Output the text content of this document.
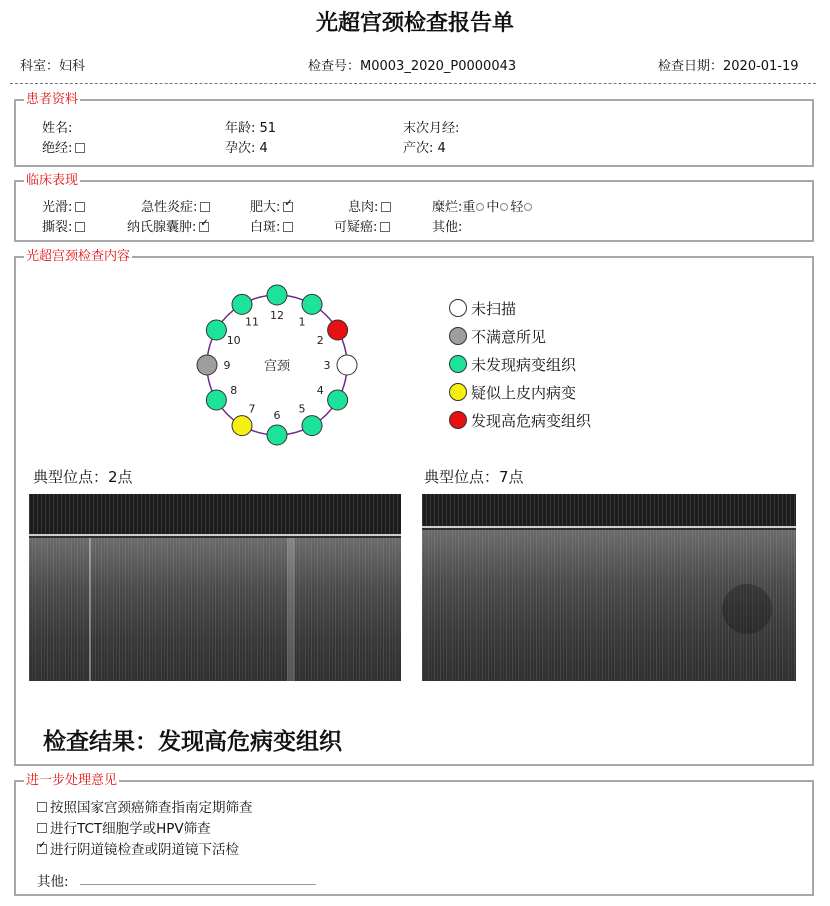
光超宫颈检查报告单
科室：妇科	检查号：M0003_2020_P0000043	检查日期：2020-01-19
患者资料
姓名:	年龄: 51	末次月经:
绝经:	孕次: 4	产次: 4
临床表现
光滑:	急性炎症:	肥大: ✓	息肉:	糜烂:重 中 轻
撕裂:	纳氏腺囊肿: ✓	白斑:	可疑癌:	其他:
光超宫颈检查内容
宫颈
12
1
2
3
4
5
6
7
8
9
10
11
未扫描
不满意所见
未发现病变组织
疑似上皮内病变
发现高危病变组织
典型位点：2点	典型位点：7点
检查结果：发现高危病变组织
进一步处理意见
按照国家宫颈癌筛查指南定期筛查
进行TCT细胞学或HPV筛查
✓进行阴道镜检查或阴道镜下活检
其他:
